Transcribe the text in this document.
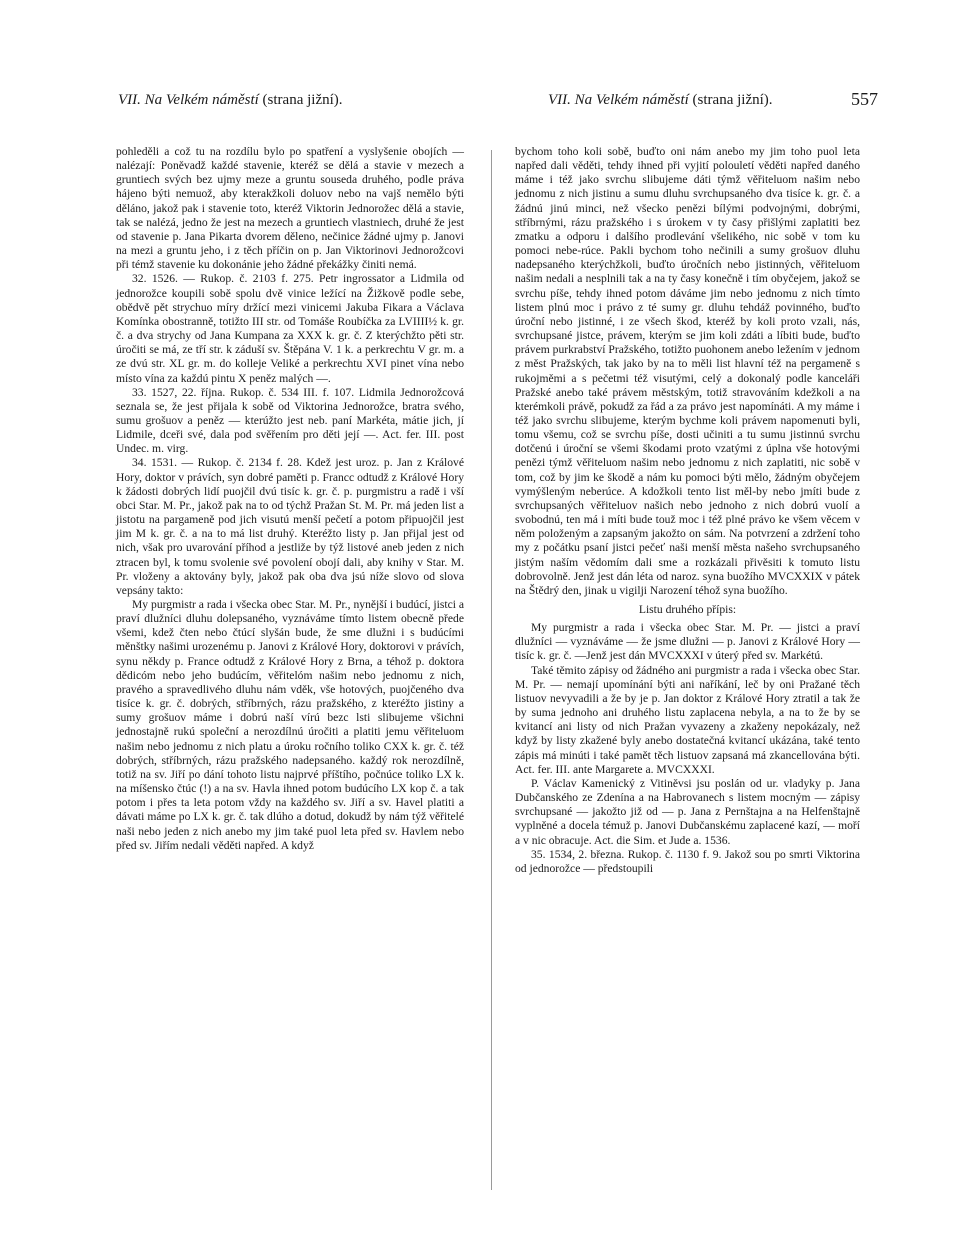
VII. Na Velkém náměstí (strana jižní).	VII. Na Velkém náměstí (strana jižní).	557

pohleděli a což tu na rozdílu bylo po spatření a vyslyšenie obojích — nalézají: Poněvadž každé stavenie, kteréž se dělá a stavie v mezech a gruntiech svých bez ujmy meze a gruntu souseda druhého, podle práva hájeno býti nemuož, aby kterakžkoli doluov nebo na vajš nemělo býti děláno, jakož pak i stavenie toto, kteréž Viktorin Jednorožec dělá a stavie, tak se nalézá, jedno že jest na mezech a gruntiech vlastniech, druhé že jest od stavenie p. Jana Pikarta dvorem děleno, nečinice žádné ujmy p. Janovi na mezi a gruntu jeho, i z těch příčin on p. Jan Viktorinovi Jednorožcovi při témž stavenie ku dokonánie jeho žádné překážky činiti nemá.

32. 1526. — Rukop. č. 2103 f. 275. Petr ingrossator a Lidmila od jednorožce koupili sobě spolu dvě vinice ležící na Žižkově podle sebe, obědvě pět strychuo míry držící mezi vinicemi Jakuba Fikara a Václava Komínka obostranně, totižto III str. od Tomáše Roubíčka za LVIIII½ k. gr. č. a dva strychy od Jana Kumpana za XXX k. gr. č. Z kterýchžto pěti str. úročiti se má, ze tří str. k záduší sv. Štěpána V. 1 k. a perkrechtu V gr. m. a ze dvú str. XL gr. m. do kolleje Veliké a perkrechtu XVI pinet vína nebo místo vína za každú pintu X peněz malých —.

33. 1527, 22. října. Rukop. č. 534 III. f. 107. Lidmila Jednorožcová seznala se, že jest přijala k sobě od Viktorina Jednorožce, bratra svého, sumu grošuov a peněz — kterúžto jest neb. paní Markéta, mátie jich, jí Lidmile, dceři své, dala pod svěřením pro děti její —. Act. fer. III. post Undec. m. virg.

34. 1531. — Rukop. č. 2134 f. 28. Kdež jest uroz. p. Jan z Králové Hory, doktor v právích, syn dobré paměti p. Francc odtudž z Králové Hory k žádosti dobrých lidí puojčil dvú tisíc k. gr. č. p. purgmistru a radě i vší obci Star. M. Pr., jakož pak na to od týchž Pražan St. M. Pr. má jeden list a jistotu na pargameně pod jich visutú menší pečetí a potom připuojčil jest jim M k. gr. č. a na to má list druhý. Kteréžto listy p. Jan přijal jest od nich, však pro uvarování příhod a jestliže by týž listové aneb jeden z nich ztracen byl, k tomu svolenie své povolení obojí dali, aby knihy v Star. M. Pr. vloženy a aktovány byly, jakož pak oba dva jsú níže slovo od slova vepsány takto:

My purgmistr a rada i všecka obec Star. M. Pr., nynější i budúcí, jistci a praví dlužníci dluhu dolepsaného, vyznáváme tímto listem obecně přede všemi, kdež čten nebo čtúcí slyšán bude, že sme dlužni i s budúcími měnštky našimi urozenému p. Janovi z Králové Hory, doktorovi v právích, synu někdy p. France odtudž z Králové Hory z Brna, a téhož p. doktora dědicóm nebo jeho budúcím, věřitelóm našim nebo jednomu z nich, pravého a spravedlivého dluhu nám vděk, vše hotových, puojčeného dva tisíce k. gr. č. dobrých, stříbrných, rázu pražského, z kteréžto jistiny a sumy grošuov máme i dobrú naší vírú bezc lsti slibujeme všichni jednostajně rukú společní a nerozdílnú úročiti a platiti jemu věřiteluom našim nebo jednomu z nich platu a úroku ročního toliko CXX k. gr. č. též dobrých, stříbrných, rázu pražského nadepsaného. každý rok nerozdílně, totiž na sv. Jiří po dání tohoto listu najprvé příštího, počnúce toliko LX k. na míšensko čtúc (!) a na sv. Havla ihned potom budúcího LX kop č. a tak potom i přes ta leta potom vždy na každého sv. Jiří a sv. Havel platiti a dávati máme po LX k. gr. č. tak dlúho a dotud, dokudž by nám týž věřitelé naši nebo jeden z nich anebo my jim také puol leta před sv. Havlem nebo před sv. Jiřím nedali věděti napřed. A když

bychom toho koli sobě, buďto oni nám anebo my jim toho puol leta napřed dali věděti, tehdy ihned při vyjití polouletí věděti napřed daného máme i též jako svrchu slibujeme dáti týmž věřiteluom našim nebo jednomu z nich jistinu a sumu dluhu svrchupsaného dva tisíce k. gr. č. a žádnú jinú minci, než všecko penězi bílými podvojnými, dobrými, stříbrnými, rázu pražského i s úrokem v ty časy přišlými zaplatiti bez zmatku a odporu i dalšího prodlevání všelikého, nic sobě v tom ku pomoci nebe-rúce. Pakli bychom toho nečinili a sumy grošuov dluhu nadepsaného kterýchžkoli, buďto úročních nebo jistinných, věřiteluom našim nedali a nesplnili tak a na ty časy konečně i tím obyčejem, jakož se svrchu píše, tehdy ihned potom dáváme jim nebo jednomu z nich tímto listem plnú moc i právo z té sumy gr. dluhu tehdáž povinného, buďto úroční nebo jistinné, i ze všech škod, kteréž by koli proto vzali, nás, svrchupsané jistce, právem, kterým se jim koli zdáti a líbiti bude, buďto právem purkrabství Pražského, totižto puohonem anebo ležením v jednom z měst Pražských, tak jako by na to měli list hlavní též na pergameně s rukojměmi a s pečetmi též visutými, celý a dokonalý podle kanceláři Pražské anebo také právem městským, totiž stravováním kdežkoli a na kterémkoli právě, pokudž za řád a za právo jest napomínáti. A my máme i též jako svrchu slibujeme, kterým bychme koli právem napomenuti byli, tomu všemu, což se svrchu píše, dosti učiniti a tu sumu jistinnú svrchu dotčenú i úroční se všemi škodami proto vzatými z úplna vše hotovými penězi týmž věřiteluom našim nebo jednomu z nich zaplatiti, nic sobě v tom, což by jim ke škodě a nám ku pomoci býti mělo, žádným obyčejem vymýšleným neberúce. A kdožkoli tento list měl-by nebo jmíti bude z svrchupsaných věřiteluov našich nebo jednoho z nich dobrú vuolí a svobodnú, ten má i míti bude touž moc i též plné právo ke všem věcem v něm položeným a zapsaným jakožto on sám. Na potvrzení a zdržení toho my z počátku psaní jistci pečeť naši menší města našeho svrchupsaného jistým naším vědomím dali sme a rozkázali přivěsiti k tomuto listu dobrovolně. Jenž jest dán léta od naroz. syna buožího MVCXXIX v pátek na Štědrý den, jinak u vigilji Narození téhož syna buožího.

Listu druhého přípis:

My purgmistr a rada i všecka obec Star. M. Pr. — jistci a praví dlužníci — vyznáváme — že jsme dlužni — p. Janovi z Králové Hory — tisíc k. gr. č. —Jenž jest dán MVCXXXI v úterý před sv. Markétú.

Také těmito zápisy od žádného ani purgmistr a rada i všecka obec Star. M. Pr. — nemají upomínání býti ani naříkání, leč by oni Pražané těch listuov nevyvadili a že by je p. Jan doktor z Králové Hory ztratil a tak že by suma jednoho ani druhého listu zaplacena nebyla, a na to že by se kvitancí ani listy od nich Pražan vyvazeny a zkaženy nepokázaly, než když by listy zkažené byly anebo dostatečná kvitancí ukázána, také tento zápis má minúti i také pamět těch listuov zapsaná má zkancellována býti. Act. fer. III. ante Margarete a. MVCXXXI.

P. Václav Kamenický z Vitiněvsi jsu poslán od ur. vladyky p. Jana Dubčanského ze Zdenína a na Habrovanech s listem mocným — zápisy svrchupsané — jakožto již od — p. Jana z Pernštajna a na Helfenštajně vyplněné a docela témuž p. Janovi Dubčanskému zaplacené kazí, — moří a v nic obracuje. Act. die Sim. et Jude a. 1536.

35. 1534, 2. března. Rukop. č. 1130 f. 9. Jakož sou po smrti Viktorina od jednorožce — předstoupili
